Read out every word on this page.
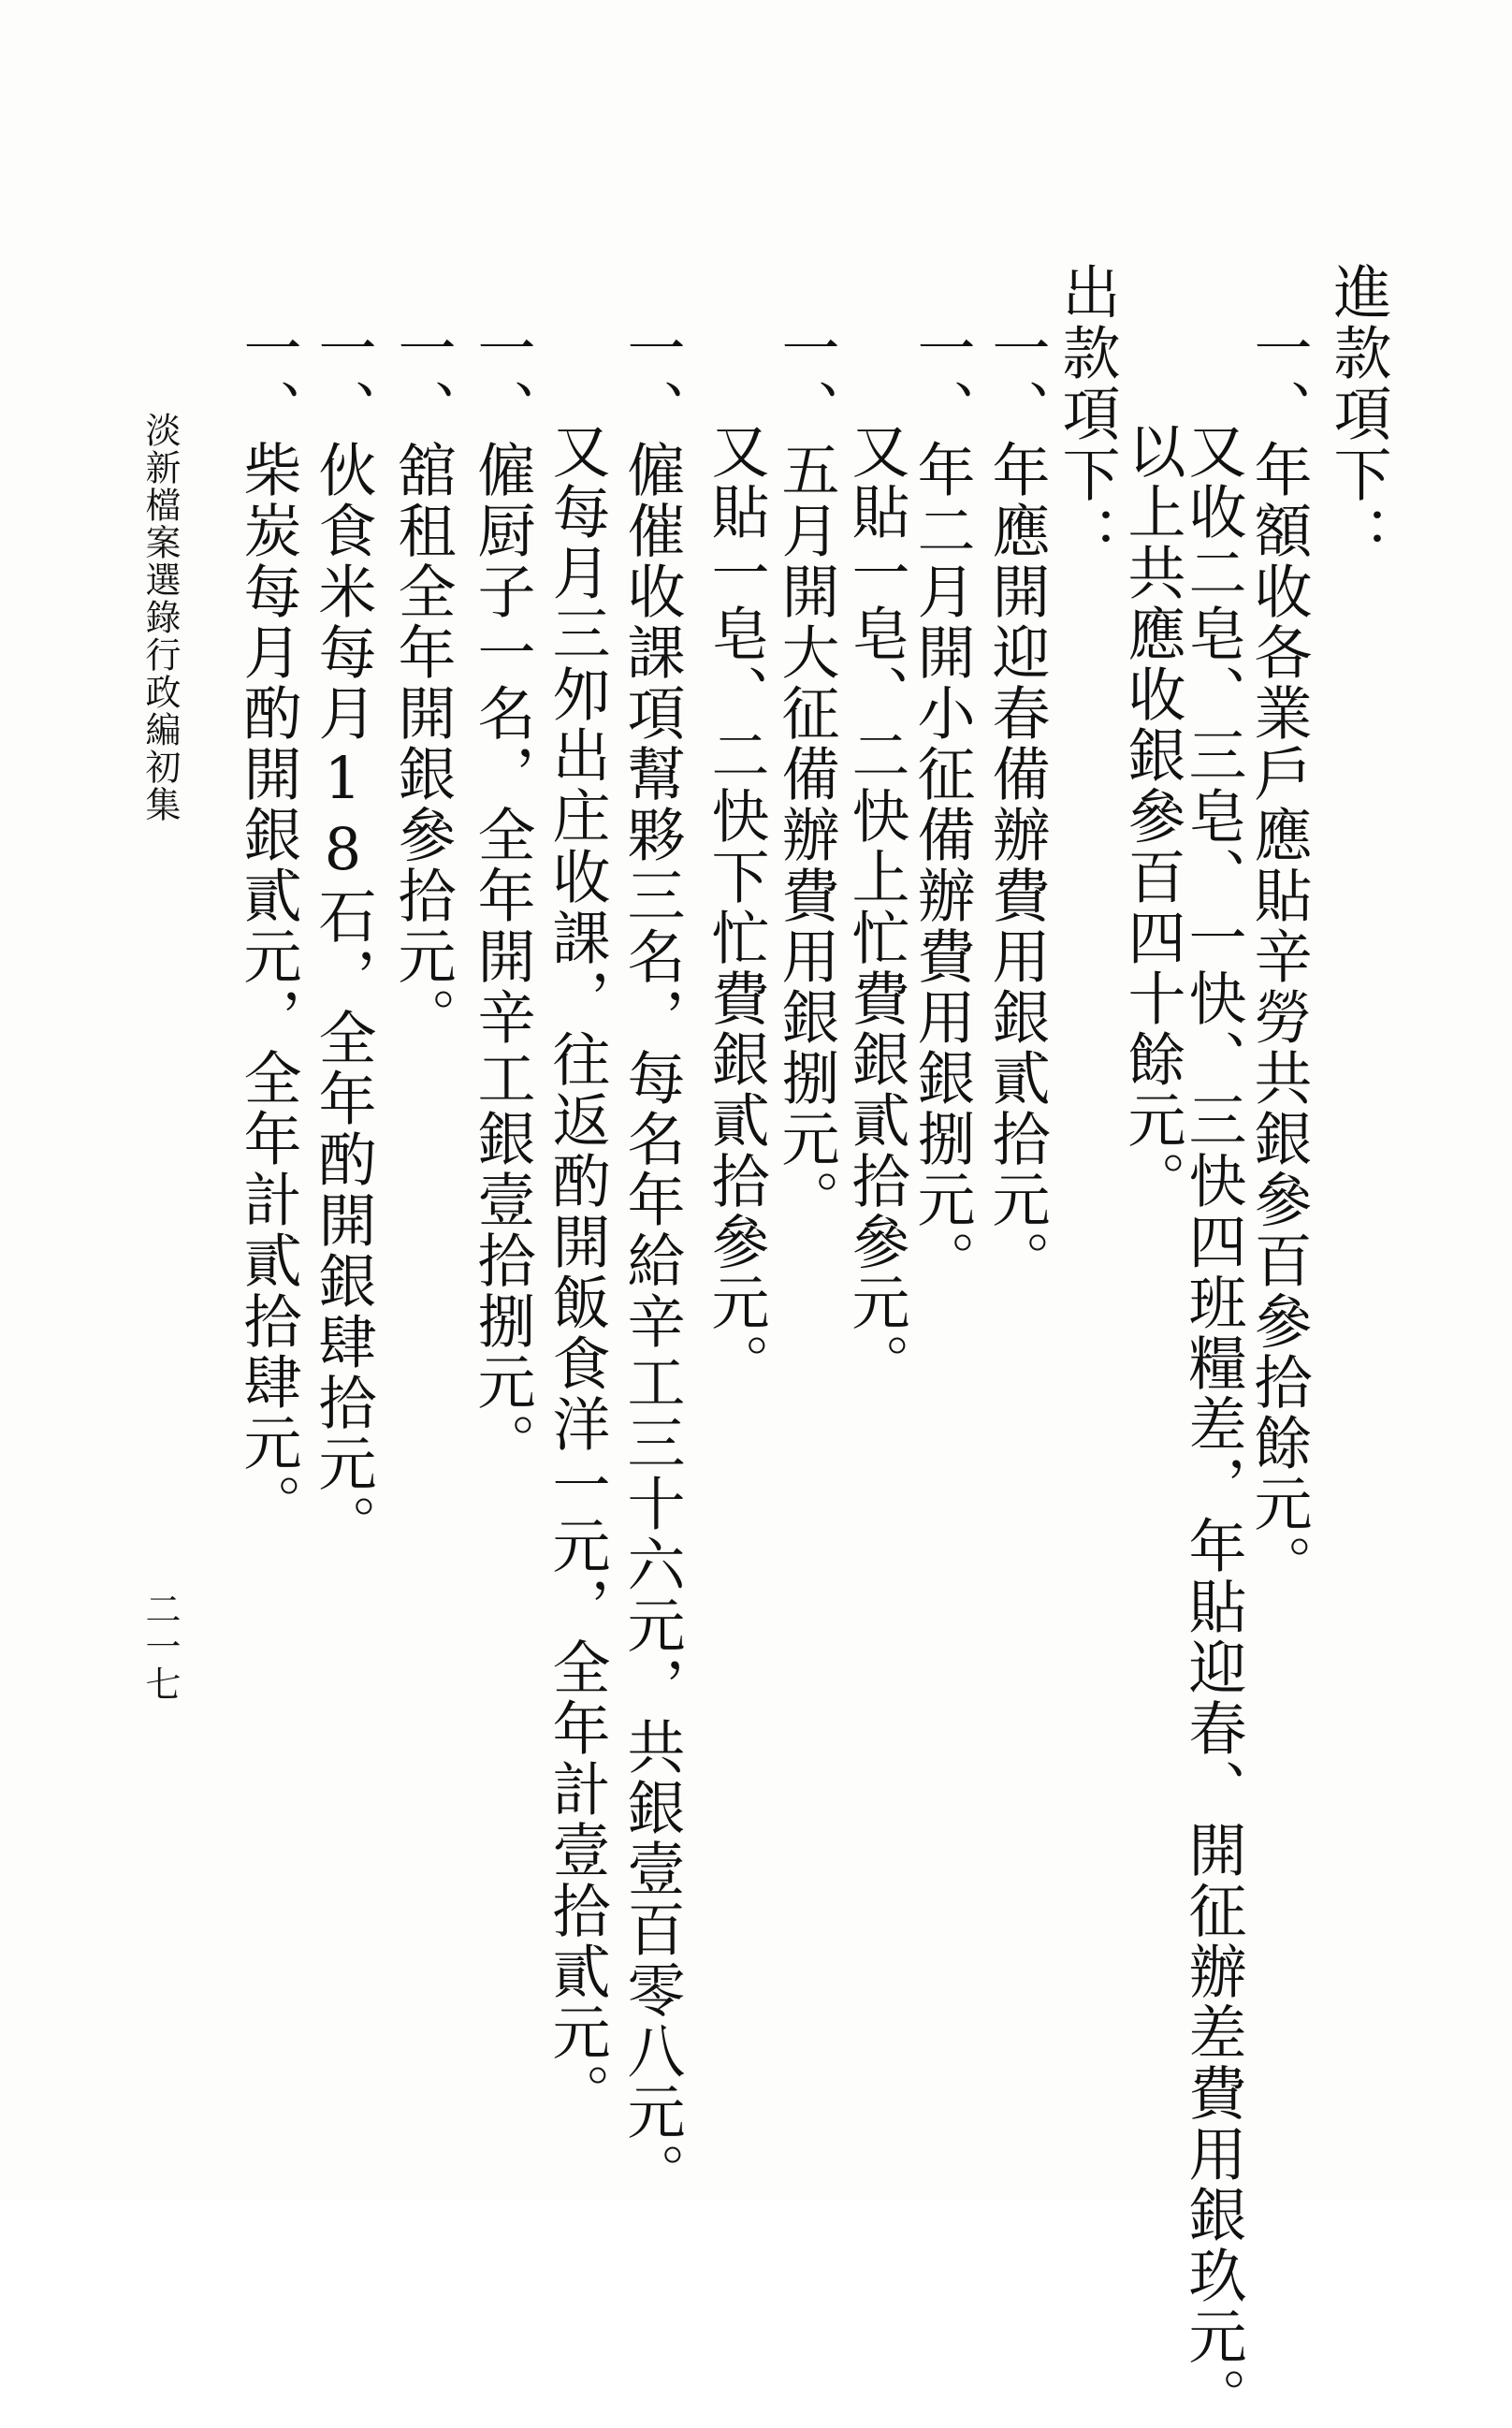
進款項下：
一、年額收各業戶應貼辛勞共銀參百參拾餘元。
又收二皂、三皂、一快、三快四班糧差，年貼迎春、開征辦差費用銀玖元。
以上共應收銀參百四十餘元。
出款項下：
一、年應開迎春備辦費用銀貳拾元。
一、年二月開小征備辦費用銀捌元。
又貼一皂、二快上忙費銀貳拾參元。
一、五月開大征備辦費用銀捌元。
又貼一皂、二快下忙費銀貳拾參元。
一、僱催收課項幫夥三名，每名年給辛工三十六元，共銀壹百零八元。
又每月三夘出庄收課，往返酌開飯食洋一元，全年計壹拾貳元。
一、僱厨子一名，全年開辛工銀壹拾捌元。
一、舘租全年開銀參拾元。
一、伙食米每月18石，全年酌開銀肆拾元。
一、柴炭每月酌開銀貳元，全年計貳拾肆元。
淡新檔案選錄行政編初集
二一七
